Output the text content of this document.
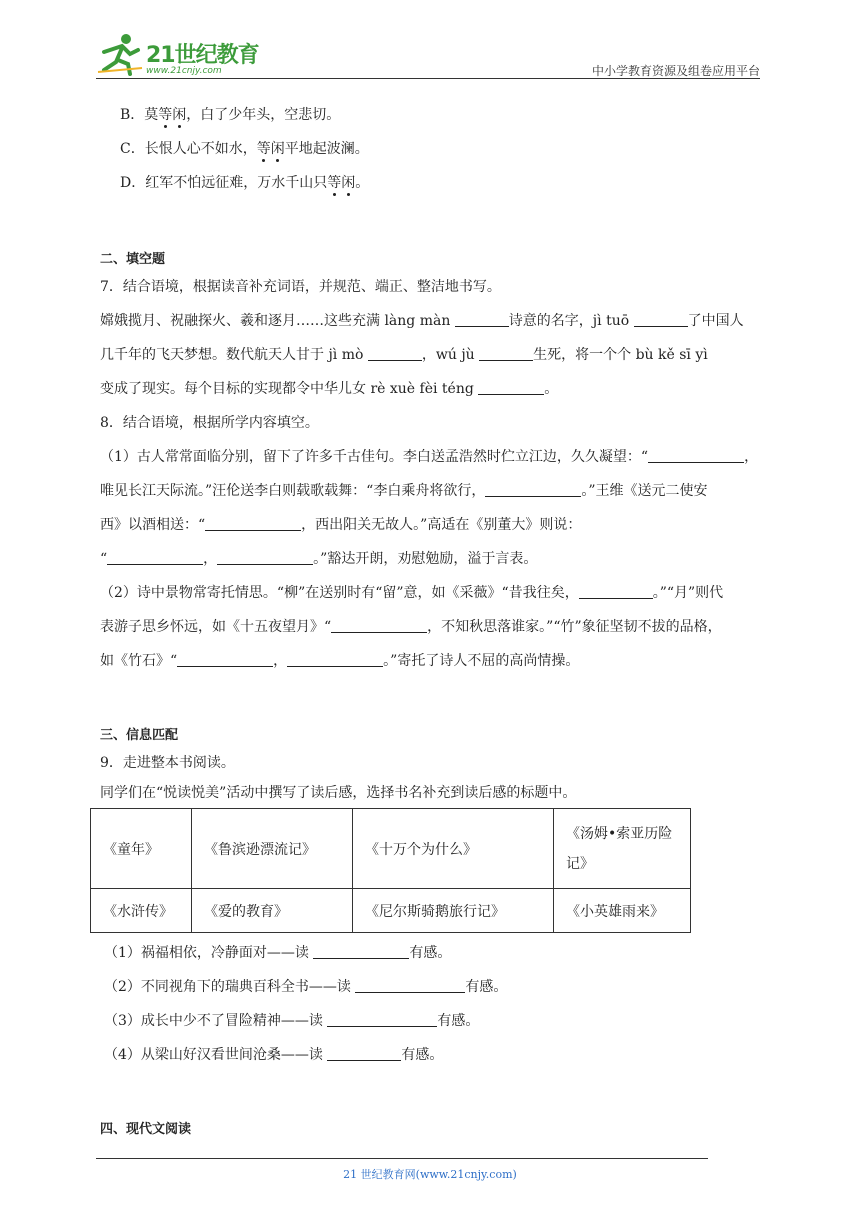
21世纪教育
www.21cnjy.com	中小学教育资源及组卷应用平台
B．莫等闲，白了少年头，空悲切。
C．长恨人心不如水，等闲平地起波澜。
D．红军不怕远征难，万水千山只等闲。
二、填空题
7．结合语境，根据读音补充词语，并规范、端正、整洁地书写。
嫦娥揽月、祝融探火、羲和逐月……这些充满 làng màn	诗意的名字，jì tuō	了中国人
几千年的飞天梦想。数代航天人甘于 jì mò	，wú jù	生死，将一个个 bù kě sī yì
变成了现实。每个目标的实现都令中华儿女 rè xuè fèi téng	。
8．结合语境，根据所学内容填空。
（1）古人常常面临分别，留下了许多千古佳句。李白送孟浩然时伫立江边，久久凝望：“	，
唯见长江天际流。”汪伦送李白则载歌载舞：“李白乘舟将欲行，	。”王维《送元二使安
西》以酒相送：“	，西出阳关无故人。”高适在《别董大》则说：
“	，	。”豁达开朗，劝慰勉励，溢于言表。
（2）诗中景物常寄托情思。“柳”在送别时有“留”意，如《采薇》“昔我往矣，	。”“月”则代
表游子思乡怀远，如《十五夜望月》“	，不知秋思落谁家。”“竹”象征坚韧不拔的品格，
如《竹石》“	，	。”寄托了诗人不屈的高尚情操。
三、信息匹配
9．走进整本书阅读。
同学们在“悦读悦美”活动中撰写了读后感，选择书名补充到读后感的标题中。
《童年》	《鲁滨逊漂流记》	《十万个为什么》	《汤姆•索亚历险记》
《水浒传》	《爱的教育》	《尼尔斯骑鹅旅行记》	《小英雄雨来》
（1）祸福相依，冷静面对——读	有感。
（2）不同视角下的瑞典百科全书——读	有感。
（3）成长中少不了冒险精神——读	有感。
（4）从梁山好汉看世间沧桑——读	有感。
四、现代文阅读
21 世纪教育网(www.21cnjy.com)
